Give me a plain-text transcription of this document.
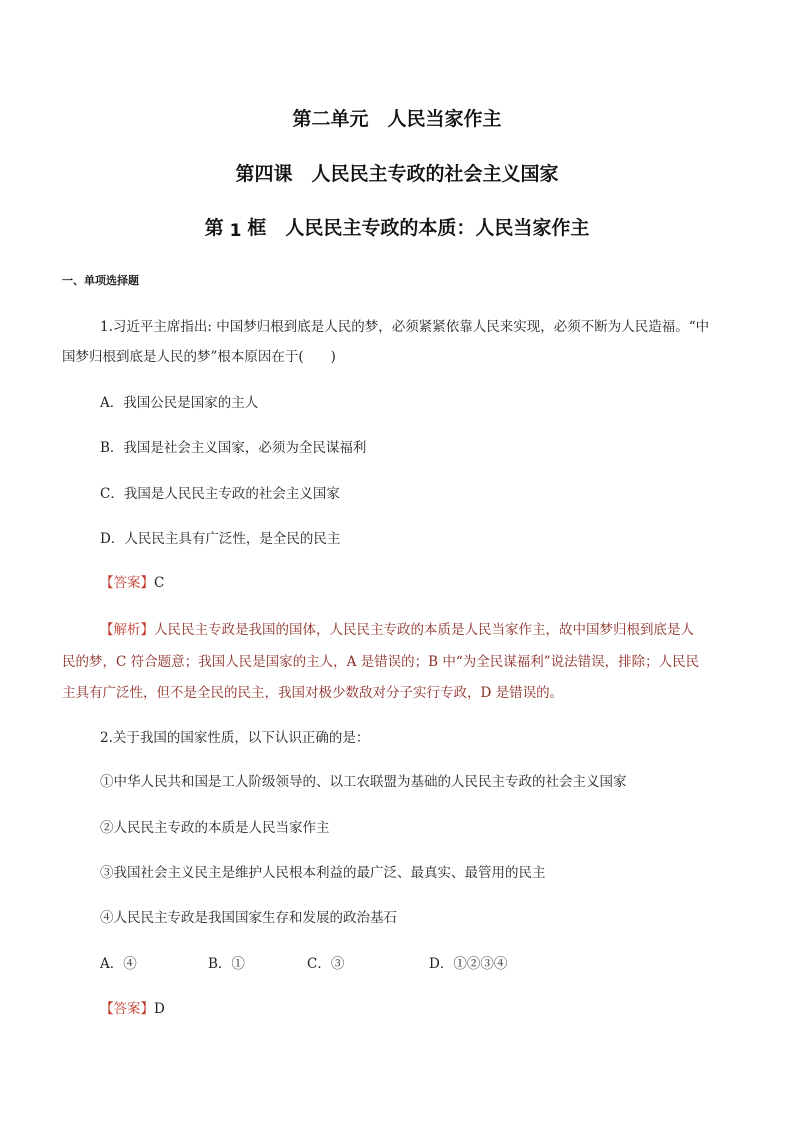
第二单元　人民当家作主
第四课　人民民主专政的社会主义国家
第 1 框　人民民主专政的本质：人民当家作主
一、单项选择题
1.习近平主席指出: 中国梦归根到底是人民的梦，必须紧紧依靠人民来实现，必须不断为人民造福。“中
国梦归根到底是人民的梦”根本原因在于(　　)
A．我国公民是国家的主人
B．我国是社会主义国家，必须为全民谋福利
C．我国是人民民主专政的社会主义国家
D．人民民主具有广泛性，是全民的民主
【答案】C
【解析】人民民主专政是我国的国体，人民民主专政的本质是人民当家作主，故中国梦归根到底是人
民的梦，C 符合题意；我国人民是国家的主人，A 是错误的；B 中“为全民谋福利”说法错误，排除；人民民
主具有广泛性，但不是全民的民主，我国对极少数敌对分子实行专政，D 是错误的。
2.关于我国的国家性质，以下认识正确的是：
①中华人民共和国是工人阶级领导的、以工农联盟为基础的人民民主专政的社会主义国家
②人民民主专政的本质是人民当家作主
③我国社会主义民主是维护人民根本利益的最广泛、最真实、最管用的民主
④人民民主专政是我国国家生存和发展的政治基石
A．④	B．①	C．③	D．①②③④
【答案】D
